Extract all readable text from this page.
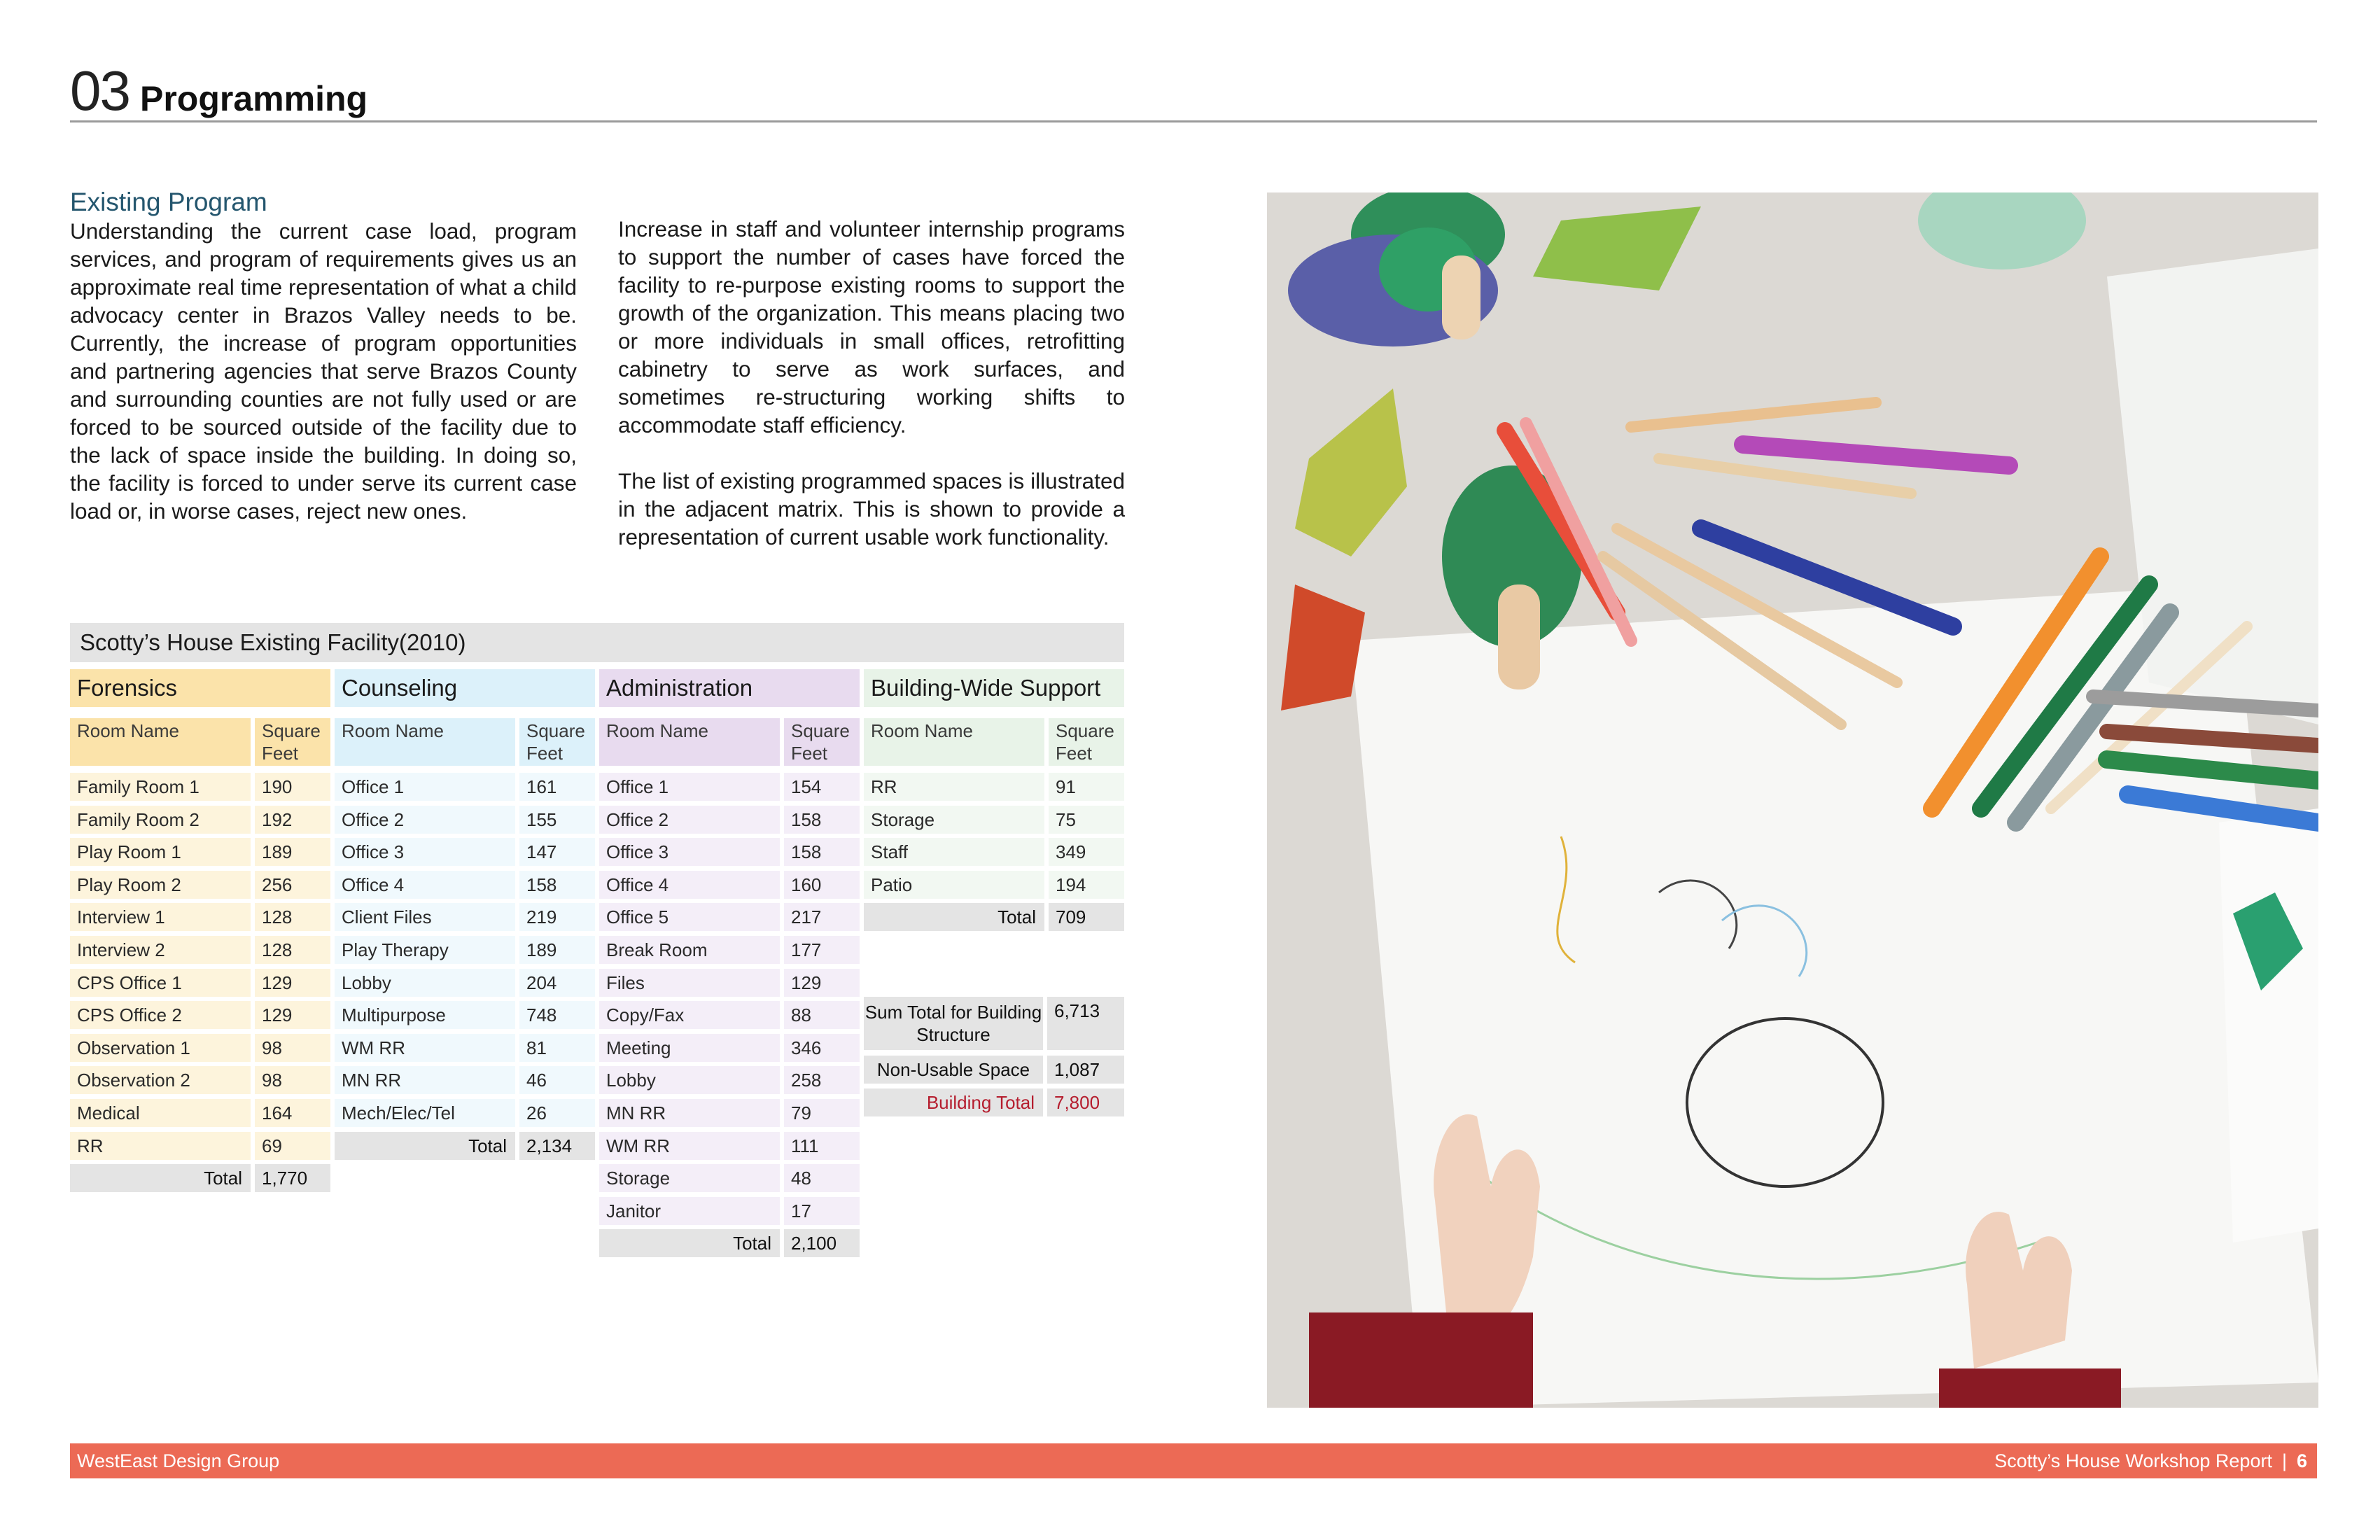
03 Programming
Existing Program
Understanding the current case load, program services, and program of requirements gives us an approximate real time representation of what a child advocacy center in Brazos Valley needs to be. Currently, the increase of program opportunities and partnering agencies that serve Brazos County and surrounding counties are not fully used or are forced to be sourced outside of the facility due to the lack of space inside the building. In doing so, the facility is forced to under serve its current case load or, in worse cases, reject new ones.

Increase in staff and volunteer internship programs to support the number of cases have forced the facility to re-purpose existing rooms to support the growth of the organization. This means placing two or more individuals in small offices, retrofitting cabinetry to serve as work surfaces, and sometimes re-structuring working shifts to accommodate staff efficiency.

The list of existing programmed spaces is illustrated in the adjacent matrix. This is shown to provide a representation of current usable work functionality.

Scotty’s House Existing Facility(2010)
Forensics
Room Name	Square Feet
Family Room 1	190
Family Room 2	192
Play Room 1	189
Play Room 2	256
Interview 1	128
Interview 2	128
CPS Office 1	129
CPS Office 2	129
Observation 1	98
Observation 2	98
Medical	164
RR	69
Total	1,770
Counseling
Room Name	Square Feet
Office 1	161
Office 2	155
Office 3	147
Office 4	158
Client Files	219
Play Therapy	189
Lobby	204
Multipurpose	748
WM RR	81
MN RR	46
Mech/Elec/Tel	26
Total	2,134
Administration
Room Name	Square Feet
Office 1	154
Office 2	158
Office 3	158
Office 4	160
Office 5	217
Break Room	177
Files	129
Copy/Fax	88
Meeting	346
Lobby	258
MN RR	79
WM RR	111
Storage	48
Janitor	17
Total	2,100
Building-Wide Support
Room Name	Square Feet
RR	91
Storage	75
Staff	349
Patio	194
Total	709
Sum Total for Building Structure
6,713
Non-Usable Space	1,087
Building Total	7,800
WestEast Design Group	Scotty’s House Workshop Report | 6
